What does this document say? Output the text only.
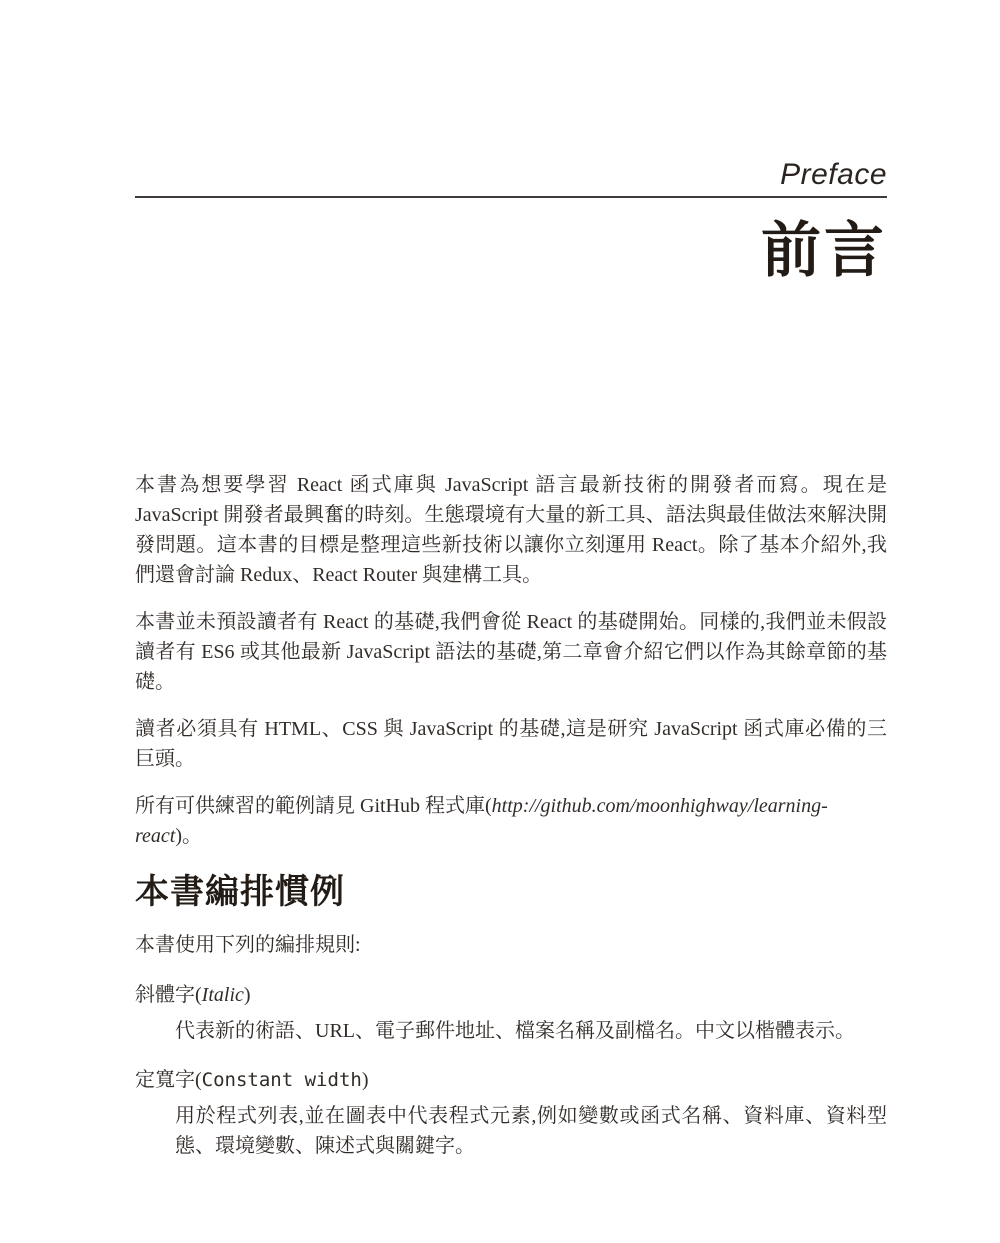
Preface
前言

本書為想要學習 React 函式庫與 JavaScript 語言最新技術的開發者而寫。現在是 JavaScript 開發者最興奮的時刻。生態環境有大量的新工具、語法與最佳做法來解決開發問題。這本書的目標是整理這些新技術以讓你立刻運用 React。除了基本介紹外,我們還會討論 Redux、React Router 與建構工具。

本書並未預設讀者有 React 的基礎,我們會從 React 的基礎開始。同樣的,我們並未假設讀者有 ES6 或其他最新 JavaScript 語法的基礎,第二章會介紹它們以作為其餘章節的基礎。

讀者必須具有 HTML、CSS 與 JavaScript 的基礎,這是研究 JavaScript 函式庫必備的三巨頭。

所有可供練習的範例請見 GitHub 程式庫(http://github.com/moonhighway/learning-react)。

本書編排慣例

本書使用下列的編排規則:

斜體字(Italic)

代表新的術語、URL、電子郵件地址、檔案名稱及副檔名。中文以楷體表示。

定寬字(Constant width)

用於程式列表,並在圖表中代表程式元素,例如變數或函式名稱、資料庫、資料型態、環境變數、陳述式與關鍵字。
